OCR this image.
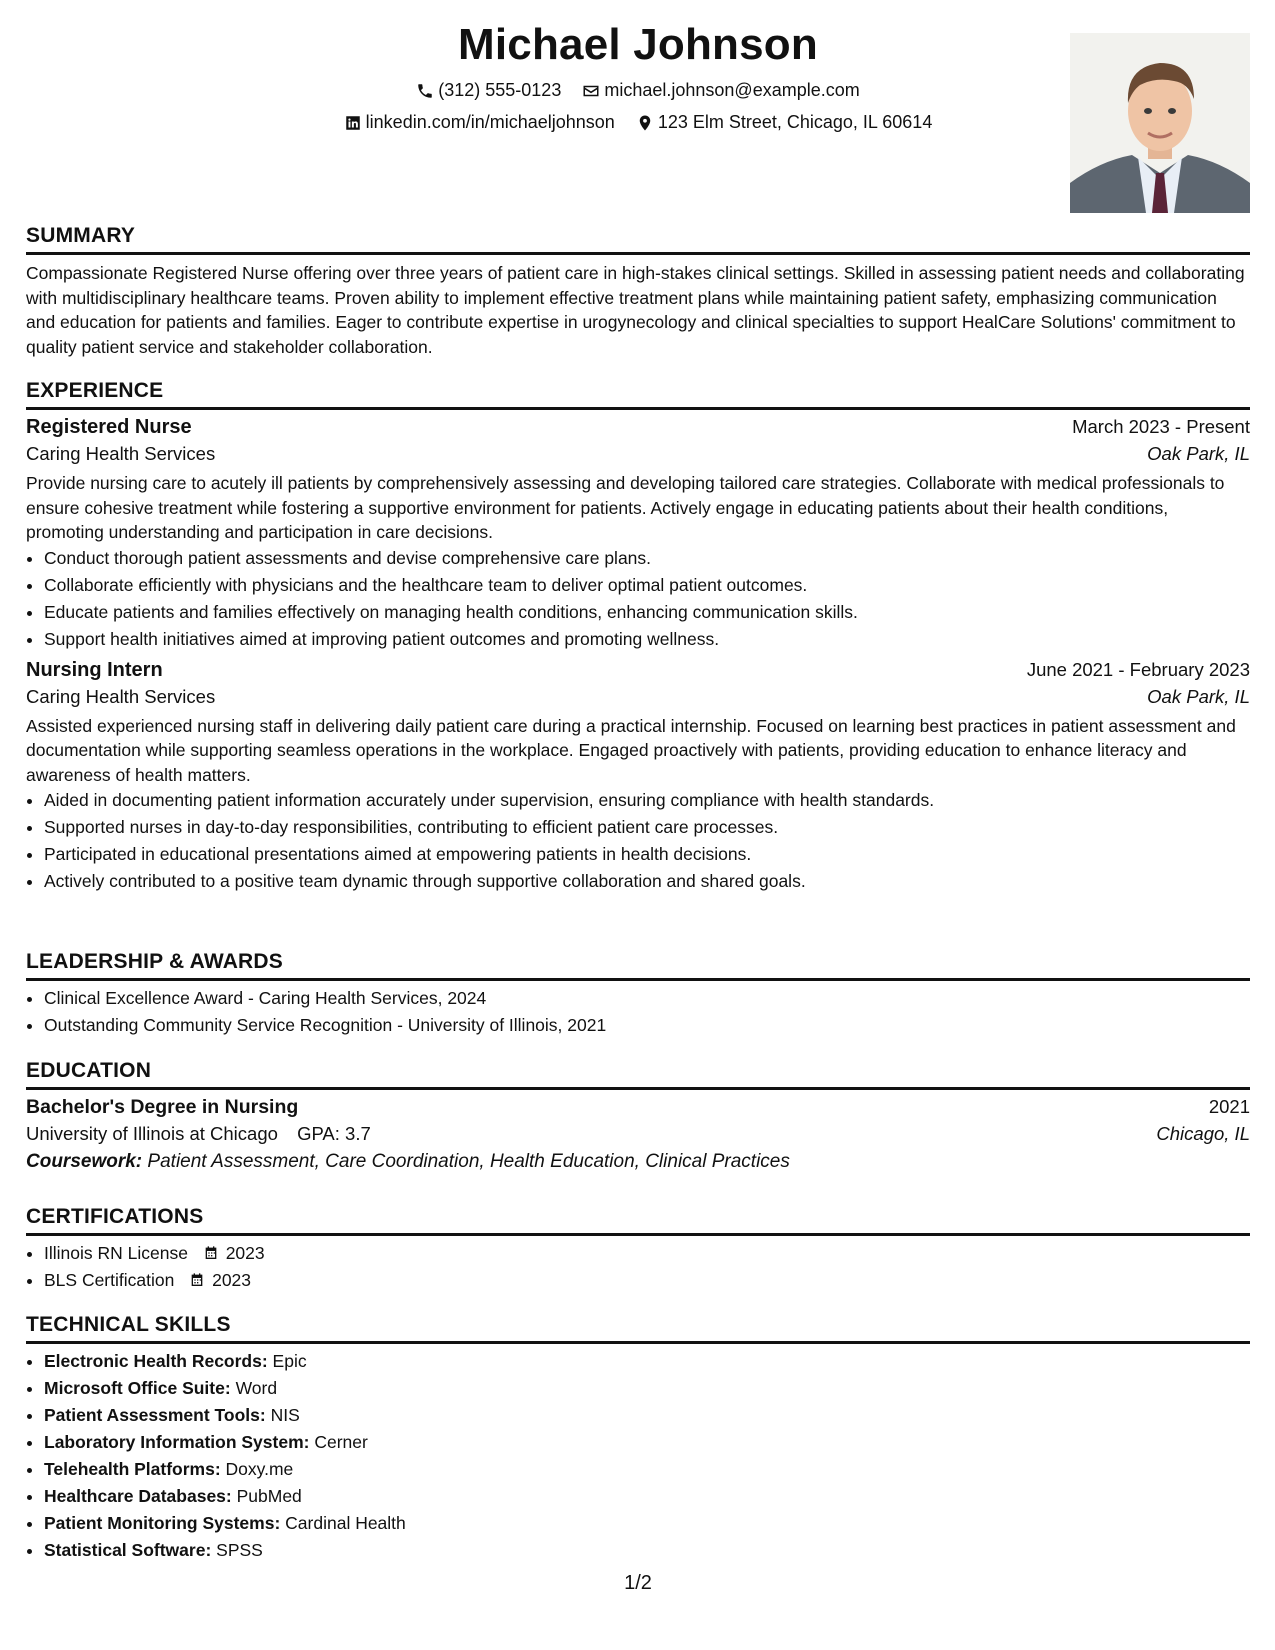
Michael Johnson
(312) 555-0123
michael.johnson@example.com
linkedin.com/in/michaeljohnson
123 Elm Street, Chicago, IL 60614
SUMMARY

Compassionate Registered Nurse offering over three years of patient care in high-stakes clinical settings. Skilled in assessing patient needs and collaborating with multidisciplinary healthcare teams. Proven ability to implement effective treatment plans while maintaining patient safety, emphasizing communication and education for patients and families. Eager to contribute expertise in urogynecology and clinical specialties to support HealCare Solutions' commitment to quality patient service and stakeholder collaboration.

EXPERIENCE
Registered Nurse	March 2023 - Present
Caring Health Services	Oak Park, IL

Provide nursing care to acutely ill patients by comprehensively assessing and developing tailored care strategies. Collaborate with medical professionals to ensure cohesive treatment while fostering a supportive environment for patients. Actively engage in educating patients about their health conditions, promoting understanding and participation in care decisions.

• Conduct thorough patient assessments and devise comprehensive care plans.
• Collaborate efficiently with physicians and the healthcare team to deliver optimal patient outcomes.
• Educate patients and families effectively on managing health conditions, enhancing communication skills.
• Support health initiatives aimed at improving patient outcomes and promoting wellness.
Nursing Intern	June 2021 - February 2023
Caring Health Services	Oak Park, IL

Assisted experienced nursing staff in delivering daily patient care during a practical internship. Focused on learning best practices in patient assessment and documentation while supporting seamless operations in the workplace. Engaged proactively with patients, providing education to enhance literacy and awareness of health matters.

• Aided in documenting patient information accurately under supervision, ensuring compliance with health standards.
• Supported nurses in day-to-day responsibilities, contributing to efficient patient care processes.
• Participated in educational presentations aimed at empowering patients in health decisions.
• Actively contributed to a positive team dynamic through supportive collaboration and shared goals.
LEADERSHIP & AWARDS
• Clinical Excellence Award - Caring Health Services, 2024
• Outstanding Community Service Recognition - University of Illinois, 2021
EDUCATION
Bachelor's Degree in Nursing	2021
University of Illinois at Chicago GPA: 3.7	Chicago, IL
Coursework: Patient Assessment, Care Coordination, Health Education, Clinical Practices
CERTIFICATIONS
• Illinois RN License 2023
• BLS Certification 2023
TECHNICAL SKILLS
• Electronic Health Records: Epic
• Microsoft Office Suite: Word
• Patient Assessment Tools: NIS
• Laboratory Information System: Cerner
• Telehealth Platforms: Doxy.me
• Healthcare Databases: PubMed
• Patient Monitoring Systems: Cardinal Health
• Statistical Software: SPSS
1/2
